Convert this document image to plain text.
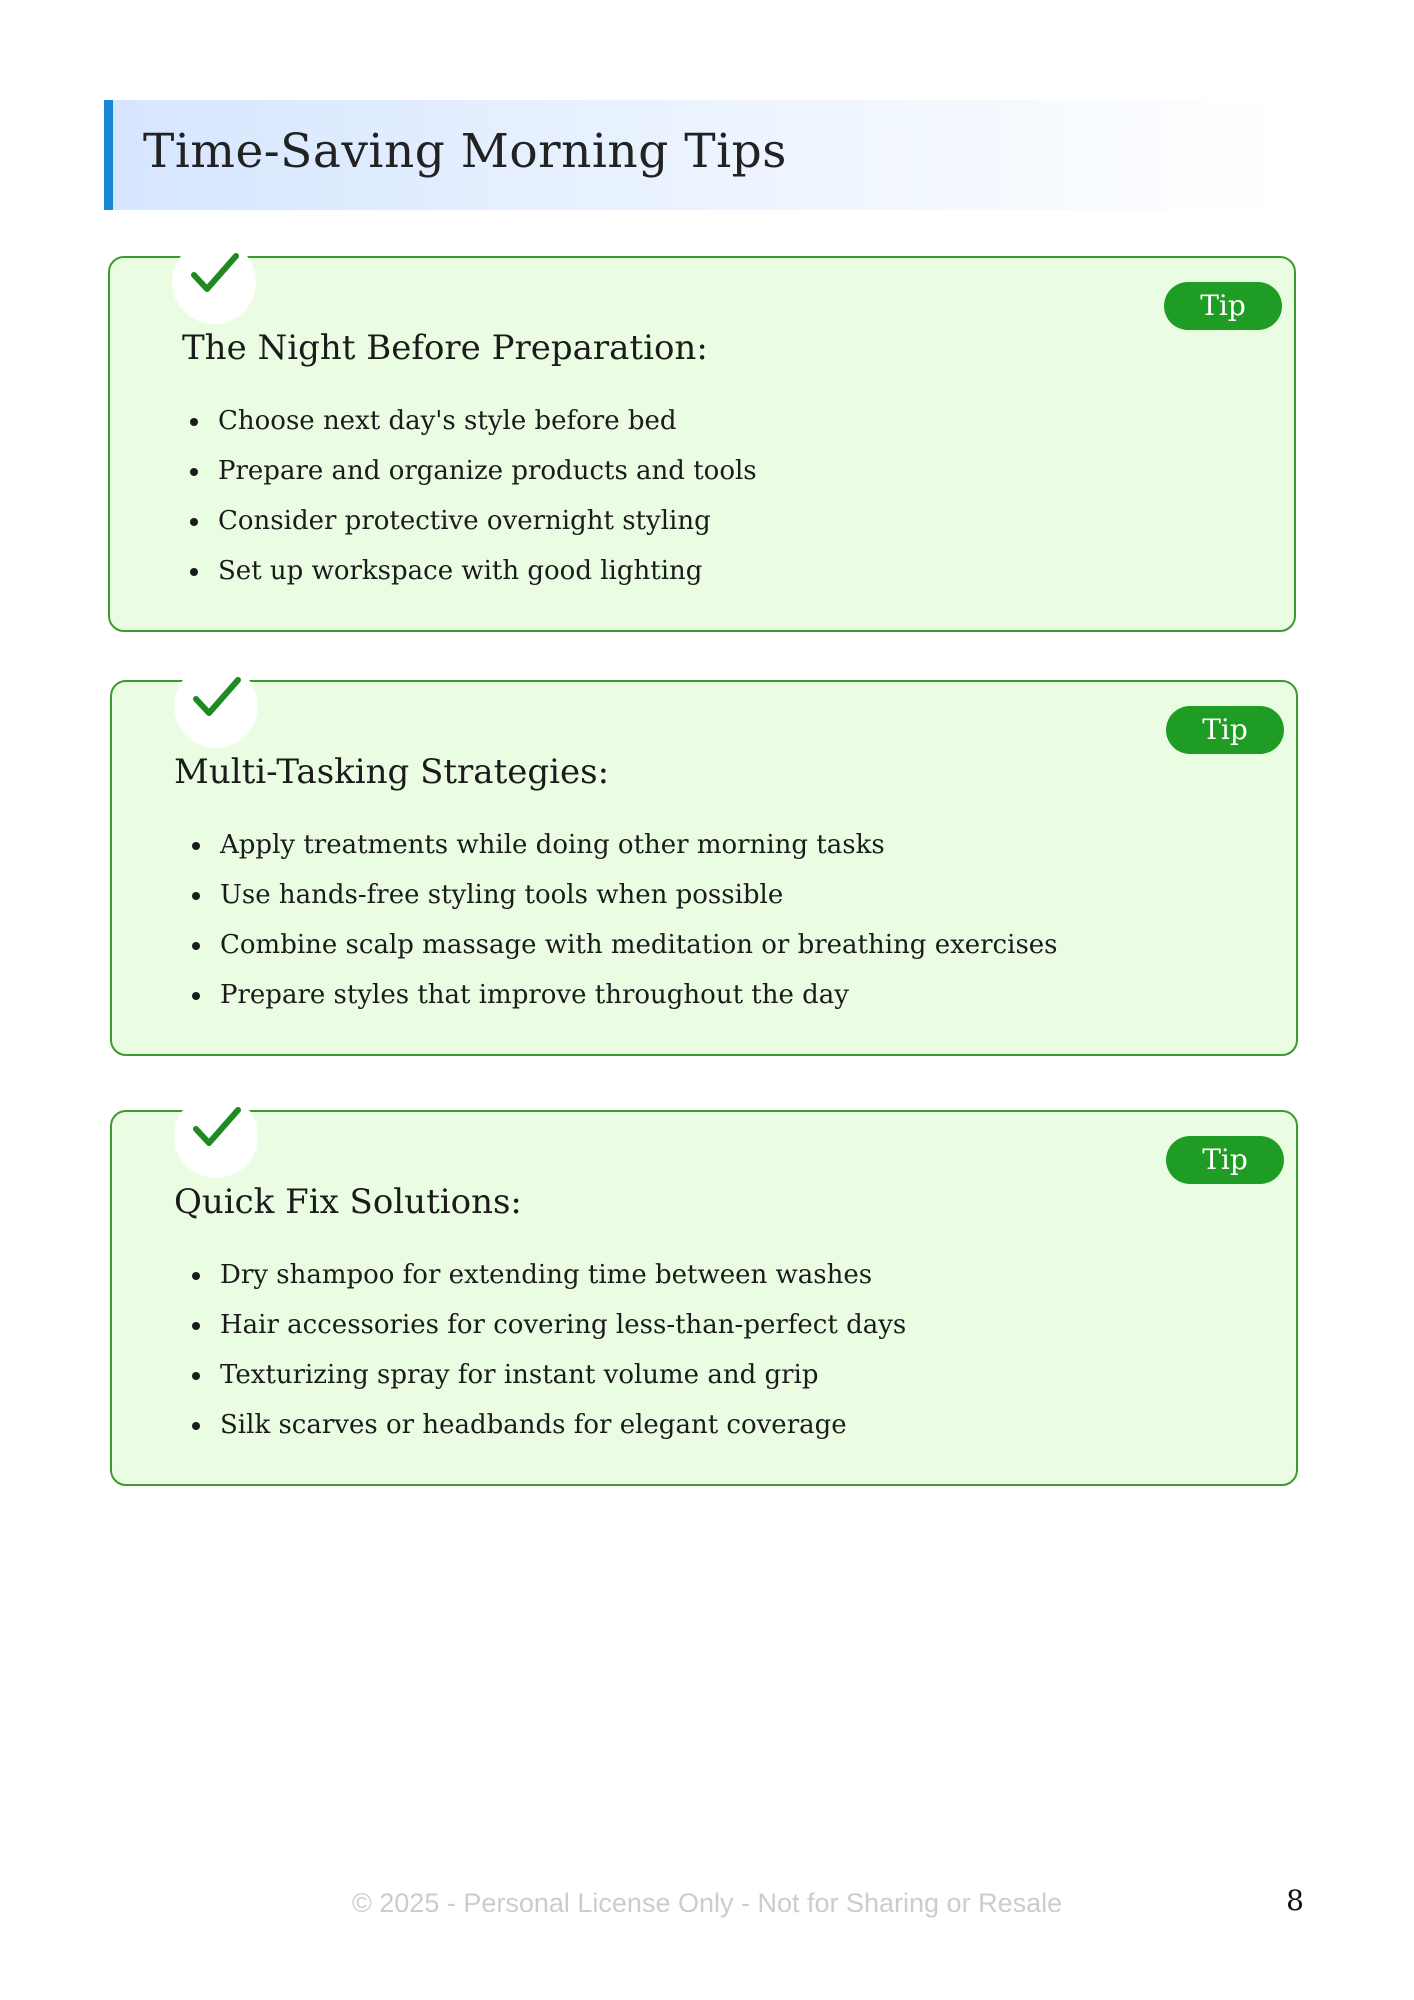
Time-Saving Morning Tips
Tip
The Night Before Preparation:
• Choose next day's style before bed
• Prepare and organize products and tools
• Consider protective overnight styling
• Set up workspace with good lighting
Tip
Multi-Tasking Strategies:
• Apply treatments while doing other morning tasks
• Use hands-free styling tools when possible
• Combine scalp massage with meditation or breathing exercises
• Prepare styles that improve throughout the day
Tip
Quick Fix Solutions:
• Dry shampoo for extending time between washes
• Hair accessories for covering less-than-perfect days
• Texturizing spray for instant volume and grip
• Silk scarves or headbands for elegant coverage
© 2025 - Personal License Only - Not for Sharing or Resale	8
